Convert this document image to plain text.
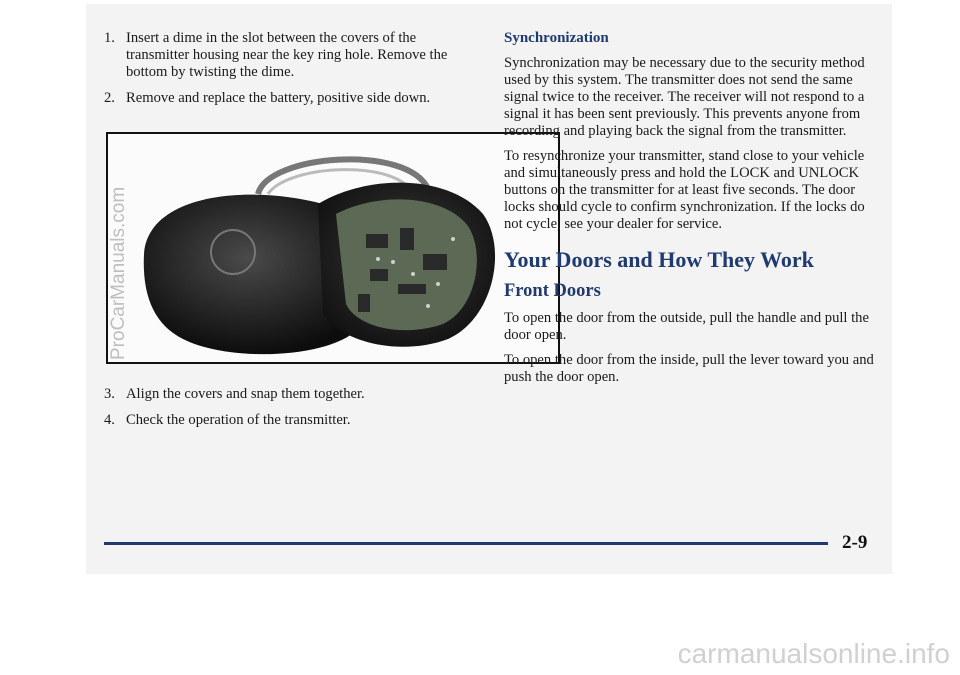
1. Insert a dime in the slot between the covers of the transmitter housing near the key ring hole. Remove the bottom by twisting the dime.
2. Remove and replace the battery, positive side down.
3. Align the covers and snap them together.
4. Check the operation of the transmitter.
Synchronization

Synchronization may be necessary due to the security method used by this system. The transmitter does not send the same signal twice to the receiver. The receiver will not respond to a signal it has been sent previously. This prevents anyone from recording and playing back the signal from the transmitter.

To resynchronize your transmitter, stand close to your vehicle and simultaneously press and hold the LOCK and UNLOCK buttons on the transmitter for at least five seconds. The door locks should cycle to confirm synchronization. If the locks do not cycle, see your dealer for service.

Your Doors and How They Work
Front Doors

To open the door from the outside, pull the handle and pull the door open.

To open the door from the inside, pull the lever toward you and push the door open.

2-9
ProCarManuals.com
carmanualsonline.info
